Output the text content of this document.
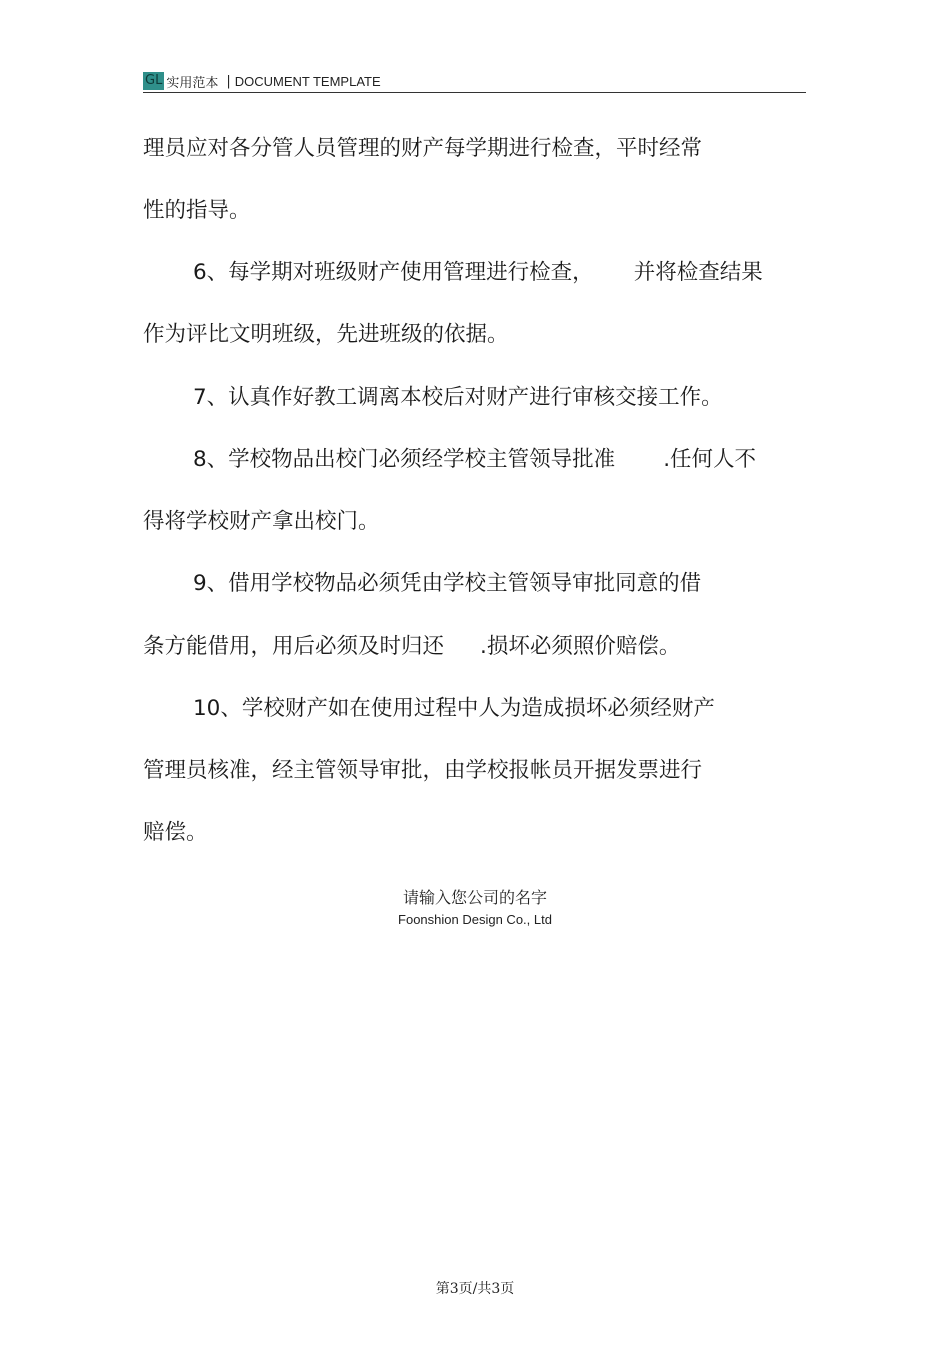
GL 实用范本 | DOCUMENT TEMPLATE
理员应对各分管人员管理的财产每学期进行检查，平时经常
性的指导。
6、每学期对班级财产使用管理进行检查， 并将检查结果
作为评比文明班级，先进班级的依据。
7、认真作好教工调离本校后对财产进行审核交接工作。
8、学校物品出校门必须经学校主管领导批准 .任何人不
得将学校财产拿出校门。
9、借用学校物品必须凭由学校主管领导审批同意的借
条方能借用，用后必须及时归还 .损坏必须照价赔偿。
10、学校财产如在使用过程中人为造成损坏必须经财产
管理员核准，经主管领导审批，由学校报帐员开据发票进行
赔偿。
请输入您公司的名字
Foonshion Design Co., Ltd
第3页/共3页
